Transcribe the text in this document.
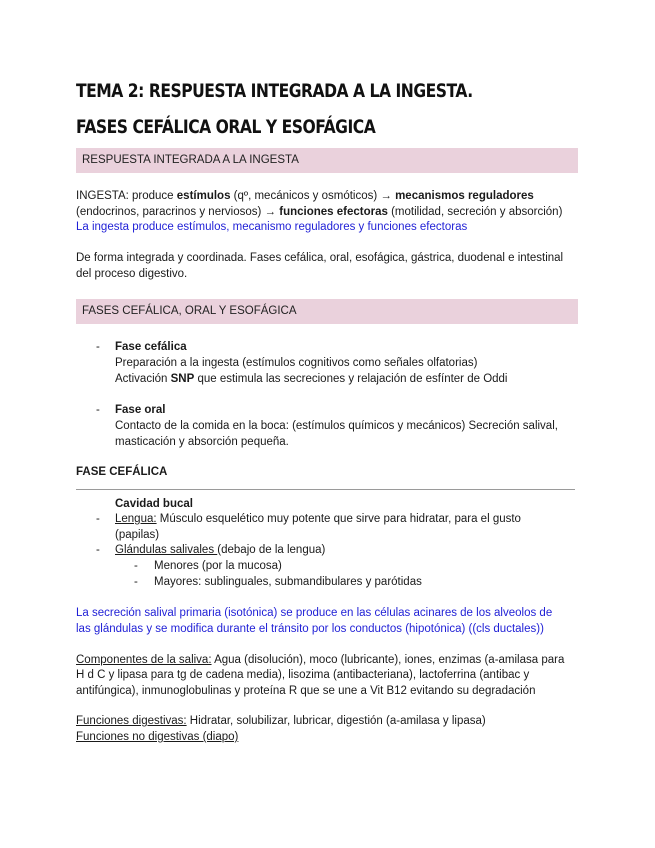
TEMA 2: RESPUESTA INTEGRADA A LA INGESTA.
FASES CEFÁLICA ORAL Y ESOFÁGICA
RESPUESTA INTEGRADA A LA INGESTA
INGESTA: produce estímulos (qº, mecánicos y osmóticos) → mecanismos reguladores
(endocrinos, paracrinos y nerviosos) → funciones efectoras (motilidad, secreción y absorción)
La ingesta produce estímulos, mecanismo reguladores y funciones efectoras
De forma integrada y coordinada. Fases cefálica, oral, esofágica, gástrica, duodenal e intestinal
del proceso digestivo.
FASES CEFÁLICA, ORAL Y ESOFÁGICA
- Fase cefálica
Preparación a la ingesta (estímulos cognitivos como señales olfatorias)
Activación SNP que estimula las secreciones y relajación de esfínter de Oddi
- Fase oral
Contacto de la comida en la boca: (estímulos químicos y mecánicos) Secreción salival,
masticación y absorción pequeña.
FASE CEFÁLICA
Cavidad bucal
- Lengua: Músculo esquelético muy potente que sirve para hidratar, para el gusto
(papilas)
- Glándulas salivales (debajo de la lengua)
- Menores (por la mucosa)
- Mayores: sublinguales, submandibulares y parótidas
La secreción salival primaria (isotónica) se produce en las células acinares de los alveolos de
las glándulas y se modifica durante el tránsito por los conductos (hipotónica) ((cls ductales))
Componentes de la saliva: Agua (disolución), moco (lubricante), iones, enzimas (a-amilasa para
H d C y lipasa para tg de cadena media), lisozima (antibacteriana), lactoferrina (antibac y
antifúngica), inmunoglobulinas y proteína R que se une a Vit B12 evitando su degradación
Funciones digestivas: Hidratar, solubilizar, lubricar, digestión (a-amilasa y lipasa)
Funciones no digestivas (diapo)
